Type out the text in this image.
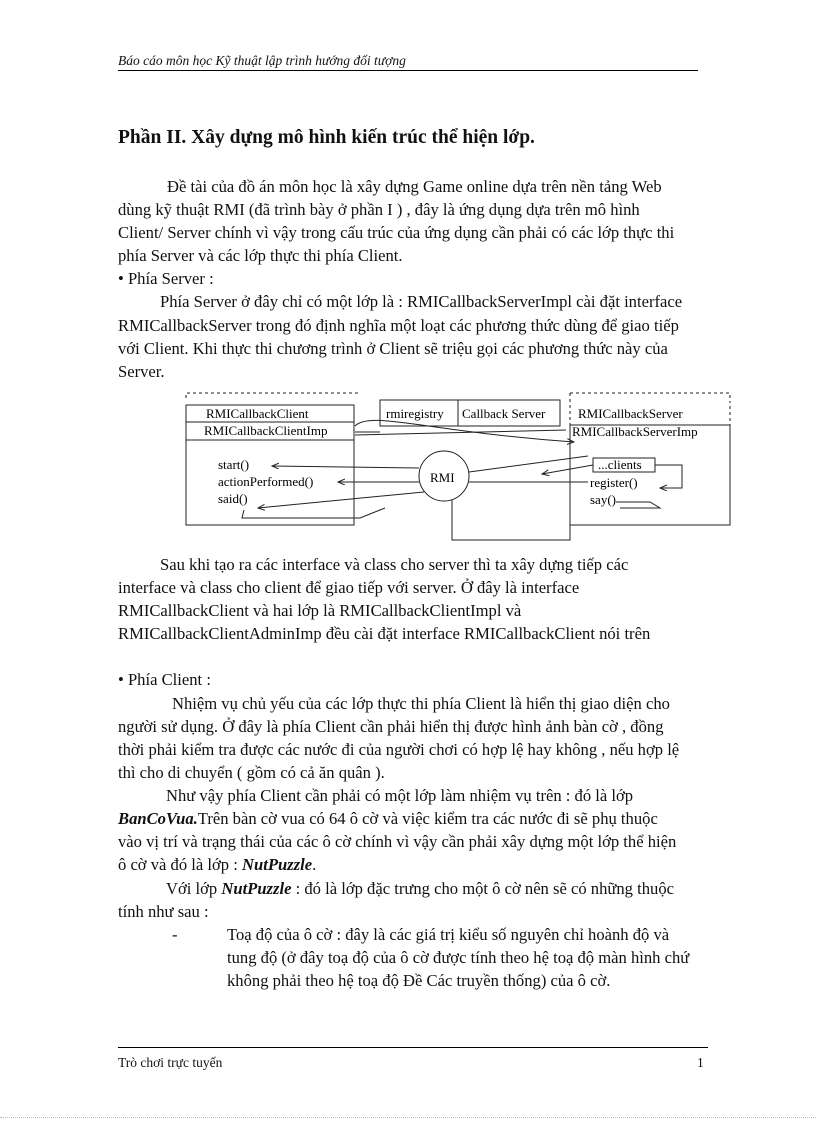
Báo cáo môn học Kỹ thuật lập trình hướng đối tượng
Phần II. Xây dựng mô hình kiến trúc thể hiện lớp.
Đề tài của đồ án môn học là xây dựng Game online dựa trên nền tảng Web
dùng kỹ thuật RMI (đã trình bày ở phần I ) , đây là ứng dụng dựa trên mô hình
Client/ Server chính vì vậy trong cấu trúc của ứng dụng cần phải có các lớp thực thi
phía Server và các lớp thực thi phía Client.
• Phía Server :
Phía Server ở đây chỉ có một lớp là : RMICallbackServerImpl cài đặt interface
RMICallbackServer trong đó định nghĩa một loạt các phương thức dùng để giao tiếp
với Client. Khi thực thi chương trình ở Client sẽ triệu gọi các phương thức này của
Server.
RMICallbackClient
RMICallbackClientImp
start()
actionPerformed()
said()
rmiregistry Callback Server
RMI
RMICallbackServer
RMICallbackServerImp
...clients
register()
say()
Sau khi tạo ra các interface và class cho server thì ta xây dựng tiếp các
interface và class cho client để giao tiếp với server. Ở đây là interface
RMICallbackClient và hai lớp là RMICallbackClientImpl và
RMICallbackClientAdminImp đều cài đặt interface RMICallbackClient nói trên
• Phía Client :
Nhiệm vụ chủ yếu của các lớp thực thi phía Client là hiển thị giao diện cho
người sử dụng. Ở đây là phía Client cần phải hiển thị được hình ảnh bàn cờ , đồng
thời phải kiểm tra được các nước đi của người chơi có hợp lệ hay không , nếu hợp lệ
thì cho di chuyển ( gồm có cả ăn quân ).
Như vậy phía Client cần phải có một lớp làm nhiệm vụ trên : đó là lớp
BanCoVua.Trên bàn cờ vua có 64 ô cờ và việc kiểm tra các nước đi sẽ phụ thuộc
vào vị trí và trạng thái của các ô cờ chính vì vậy cần phải xây dựng một lớp thể hiện
ô cờ và đó là lớp : NutPuzzle.
Với lớp NutPuzzle : đó là lớp đặc trưng cho một ô cờ nên sẽ có những thuộc
tính như sau :
-	Toạ độ của ô cờ : đây là các giá trị kiểu số nguyên chỉ hoành độ và
tung độ (ở đây toạ độ của ô cờ được tính theo hệ toạ độ màn hình chứ
không phải theo hệ toạ độ Đề Các truyền thống) của ô cờ.
Trò chơi trực tuyến	1
